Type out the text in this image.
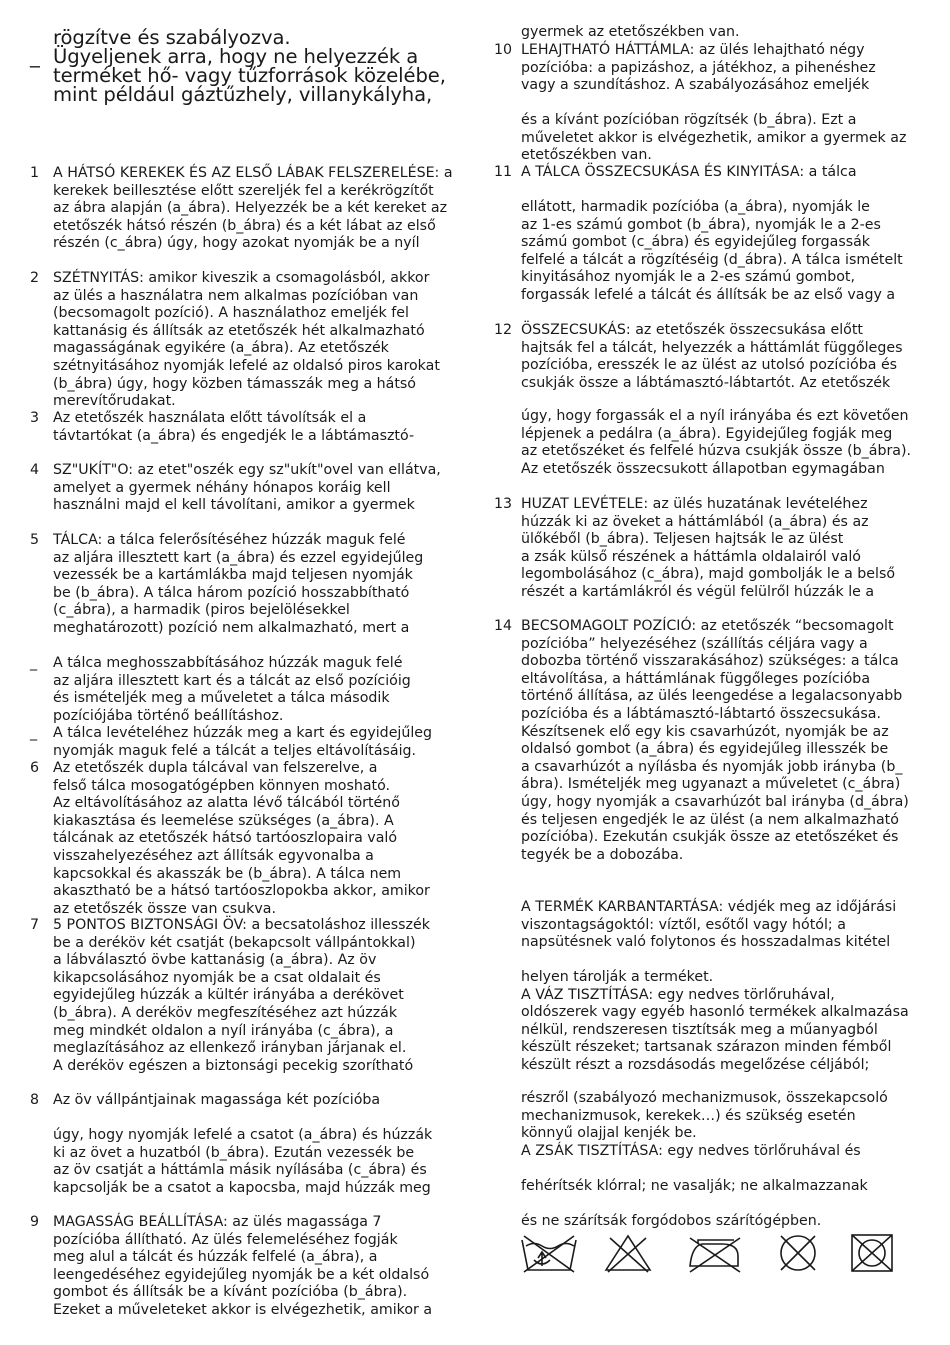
rögzítve és szabályozva.
_ Ügyeljenek arra, hogy ne helyezzék a
terméket hő- vagy tűzforrások közelébe,
mint például gáztűzhely, villanykályha,
1 A HÁTSÓ KEREKEK ÉS AZ ELSŐ LÁBAK FELSZERELÉSE: a
kerekek beillesztése előtt szereljék fel a kerékrögzítőt
az ábra alapján (a_ábra). Helyezzék be a két kereket az
etetőszék hátsó részén (b_ábra) és a két lábat az első
részén (c_ábra) úgy, hogy azokat nyomják be a nyíl
2 SZÉTNYITÁS: amikor kiveszik a csomagolásból, akkor
az ülés a használatra nem alkalmas pozícióban van
(becsomagolt pozíció). A használathoz emeljék fel
kattanásig és állítsák az etetőszék hét alkalmazható
magasságának egyikére (a_ábra). Az etetőszék
szétnyitásához nyomják lefelé az oldalsó piros karokat
(b_ábra) úgy, hogy közben támasszák meg a hátsó
merevítőrudakat.
3 Az etetőszék használata előtt távolítsák el a
távtartókat (a_ábra) és engedjék le a lábtámasztó-
4 SZ"UKÍT"O: az etet"oszék egy sz"ukít"ovel van ellátva,
amelyet a gyermek néhány hónapos koráig kell
használni majd el kell távolítani, amikor a gyermek
5 TÁLCA: a tálca felerősítéséhez húzzák maguk felé
az aljára illesztett kart (a_ábra) és ezzel egyidejűleg
vezessék be a kartámlákba majd teljesen nyomják
be (b_ábra). A tálca három pozíció hosszabbítható
(c_ábra), a harmadik (piros bejelölésekkel
meghatározott) pozíció nem alkalmazható, mert a
_ A tálca meghosszabbításához húzzák maguk felé
az aljára illesztett kart és a tálcát az első pozícióig
és ismételjék meg a műveletet a tálca második
pozíciójába történő beállításhoz.
_ A tálca levételéhez húzzák meg a kart és egyidejűleg
nyomják maguk felé a tálcát a teljes eltávolításáig.
6 Az etetőszék dupla tálcával van felszerelve, a
felső tálca mosogatógépben könnyen mosható.
Az eltávolításához az alatta lévő tálcából történő
kiakasztása és leemelése szükséges (a_ábra). A
tálcának az etetőszék hátsó tartóoszlopaira való
visszahelyezéséhez azt állítsák egyvonalba a
kapcsokkal és akasszák be (b_ábra). A tálca nem
akasztható be a hátsó tartóoszlopokba akkor, amikor
az etetőszék össze van csukva.
7 5 PONTOS BIZTONSÁGI ÖV: a becsatoláshoz illesszék
be a deréköv két csatját (bekapcsolt vállpántokkal)
a lábválasztó övbe kattanásig (a_ábra). Az öv
kikapcsolásához nyomják be a csat oldalait és
egyidejűleg húzzák a kültér irányába a derékövet
(b_ábra). A deréköv megfeszítéséhez azt húzzák
meg mindkét oldalon a nyíl irányába (c_ábra), a
meglazításához az ellenkező irányban járjanak el.
A deréköv egészen a biztonsági pecekig szorítható
8 Az öv vállpántjainak magassága két pozícióba
úgy, hogy nyomják lefelé a csatot (a_ábra) és húzzák
ki az övet a huzatból (b_ábra). Ezután vezessék be
az öv csatját a háttámla másik nyílásába (c_ábra) és
kapcsolják be a csatot a kapocsba, majd húzzák meg
9 MAGASSÁG BEÁLLÍTÁSA: az ülés magassága 7
pozícióba állítható. Az ülés felemeléséhez fogják
meg alul a tálcát és húzzák felfelé (a_ábra), a
leengedéséhez egyidejűleg nyomják be a két oldalsó
gombot és állítsák be a kívánt pozícióba (b_ábra).
Ezeket a műveleteket akkor is elvégezhetik, amikor a
gyermek az etetőszékben van.
10 LEHAJTHATÓ HÁTTÁMLA: az ülés lehajtható négy
pozícióba: a papizáshoz, a játékhoz, a pihenéshez
vagy a szundításhoz. A szabályozásához emeljék
és a kívánt pozícióban rögzítsék (b_ábra). Ezt a
műveletet akkor is elvégezhetik, amikor a gyermek az
etetőszékben van.
11 A TÁLCA ÖSSZECSUKÁSA ÉS KINYITÁSA: a tálca
ellátott, harmadik pozícióba (a_ábra), nyomják le
az 1-es számú gombot (b_ábra), nyomják le a 2-es
számú gombot (c_ábra) és egyidejűleg forgassák
felfelé a tálcát a rögzítéséig (d_ábra). A tálca ismételt
kinyitásához nyomják le a 2-es számú gombot,
forgassák lefelé a tálcát és állítsák be az első vagy a
12 ÖSSZECSUKÁS: az etetőszék összecsukása előtt
hajtsák fel a tálcát, helyezzék a háttámlát függőleges
pozícióba, eresszék le az ülést az utolsó pozícióba és
csukják össze a lábtámasztó-lábtartót. Az etetőszék
úgy, hogy forgassák el a nyíl irányába és ezt követően
lépjenek a pedálra (a_ábra). Egyidejűleg fogják meg
az etetőszéket és felfelé húzva csukják össze (b_ábra).
Az etetőszék összecsukott állapotban egymagában
13 HUZAT LEVÉTELE: az ülés huzatának levételéhez
húzzák ki az öveket a háttámlából (a_ábra) és az
ülőkéből (b_ábra). Teljesen hajtsák le az ülést
a zsák külső részének a háttámla oldalairól való
legombolásához (c_ábra), majd gombolják le a belső
részét a kartámlákról és végül felülről húzzák le a
14 BECSOMAGOLT POZÍCIÓ: az etetőszék “becsomagolt
pozícióba” helyezéséhez (szállítás céljára vagy a
dobozba történő visszarakásához) szükséges: a tálca
eltávolítása, a háttámlának függőleges pozícióba
történő állítása, az ülés leengedése a legalacsonyabb
pozícióba és a lábtámasztó-lábtartó összecsukása.
Készítsenek elő egy kis csavarhúzót, nyomják be az
oldalsó gombot (a_ábra) és egyidejűleg illesszék be
a csavarhúzót a nyílásba és nyomják jobb irányba (b_
ábra). Ismételjék meg ugyanazt a műveletet (c_ábra)
úgy, hogy nyomják a csavarhúzót bal irányba (d_ábra)
és teljesen engedjék le az ülést (a nem alkalmazható
pozícióba). Ezekután csukják össze az etetőszéket és
tegyék be a dobozába.
A TERMÉK KARBANTARTÁSA: védjék meg az időjárási
viszontagságoktól: víztől, esőtől vagy hótól; a
napsütésnek való folytonos és hosszadalmas kitétel
helyen tárolják a terméket.
A VÁZ TISZTÍTÁSA: egy nedves törlőruhával,
oldószerek vagy egyéb hasonló termékek alkalmazása
nélkül, rendszeresen tisztítsák meg a műanyagból
készült részeket; tartsanak szárazon minden fémből
készült részt a rozsdásodás megelőzése céljából;
részről (szabályozó mechanizmusok, összekapcsoló
mechanizmusok, kerekek…) és szükség esetén
könnyű olajjal kenjék be.
A ZSÁK TISZTÍTÁSA: egy nedves törlőruhával és
fehérítsék klórral; ne vasalják; ne alkalmazzanak
és ne szárítsák forgódobos szárítógépben.
